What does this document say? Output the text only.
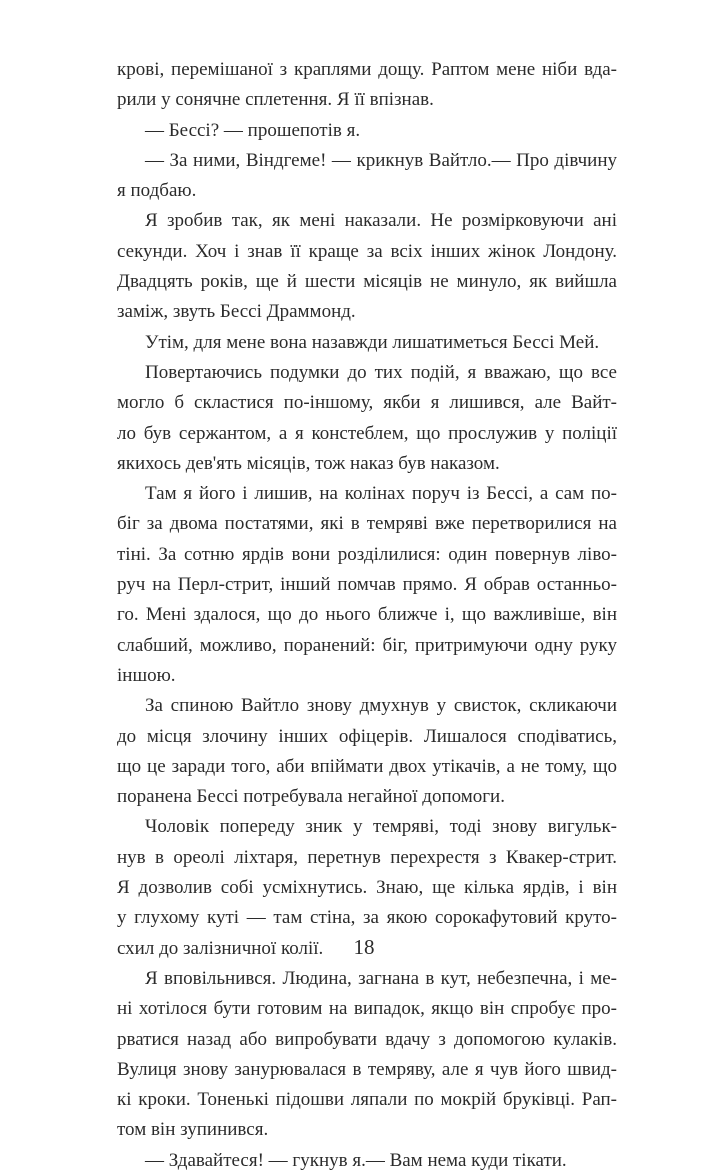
крові, перемішаної з краплями дощу. Раптом мене ніби вда-
рили у сонячне сплетення. Я її впізнав.
— Бессі? — прошепотів я.
— За ними, Віндгеме! — крикнув Вайтло.— Про дівчину
я подбаю.
Я зробив так, як мені наказали. Не розмірковуючи ані
секунди. Хоч і знав її краще за всіх інших жінок Лондону.
Двадцять років, ще й шести місяців не минуло, як вийшла
заміж, звуть Бессі Драммонд.
Утім, для мене вона назавжди лишатиметься Бессі Мей.
Повертаючись подумки до тих подій, я вважаю, що все
могло б скластися по-іншому, якби я лишився, але Вайт-
ло був сержантом, а я констеблем, що прослужив у поліції
якихось дев'ять місяців, тож наказ був наказом.
Там я його і лишив, на колінах поруч із Бессі, а сам по-
біг за двома постатями, які в темряві вже перетворилися на
тіні. За сотню ярдів вони розділилися: один повернув ліво-
руч на Перл-стрит, інший помчав прямо. Я обрав останньо-
го. Мені здалося, що до нього ближче і, що важливіше, він
слабший, можливо, поранений: біг, притримуючи одну руку
іншою.
За спиною Вайтло знову дмухнув у свисток, скликаючи
до місця злочину інших офіцерів. Лишалося сподіватись,
що це заради того, аби впіймати двох утікачів, а не тому, що
поранена Бессі потребувала негайної допомоги.
Чоловік попереду зник у темряві, тоді знову вигульк-
нув в ореолі ліхтаря, перетнув перехрестя з Квакер-стрит.
Я дозволив собі усміхнутись. Знаю, ще кілька ярдів, і він
у глухому куті — там стіна, за якою сорокафутовий круто-
схил до залізничної колії.
Я вповільнився. Людина, загнана в кут, небезпечна, і ме-
ні хотілося бути готовим на випадок, якщо він спробує про-
рватися назад або випробувати вдачу з допомогою кулаків.
Вулиця знову занурювалася в темряву, але я чув його швид-
кі кроки. Тоненькі підошви ляпали по мокрій бруківці. Рап-
том він зупинився.
— Здавайтеся! — гукнув я.— Вам нема куди тікати.
18
